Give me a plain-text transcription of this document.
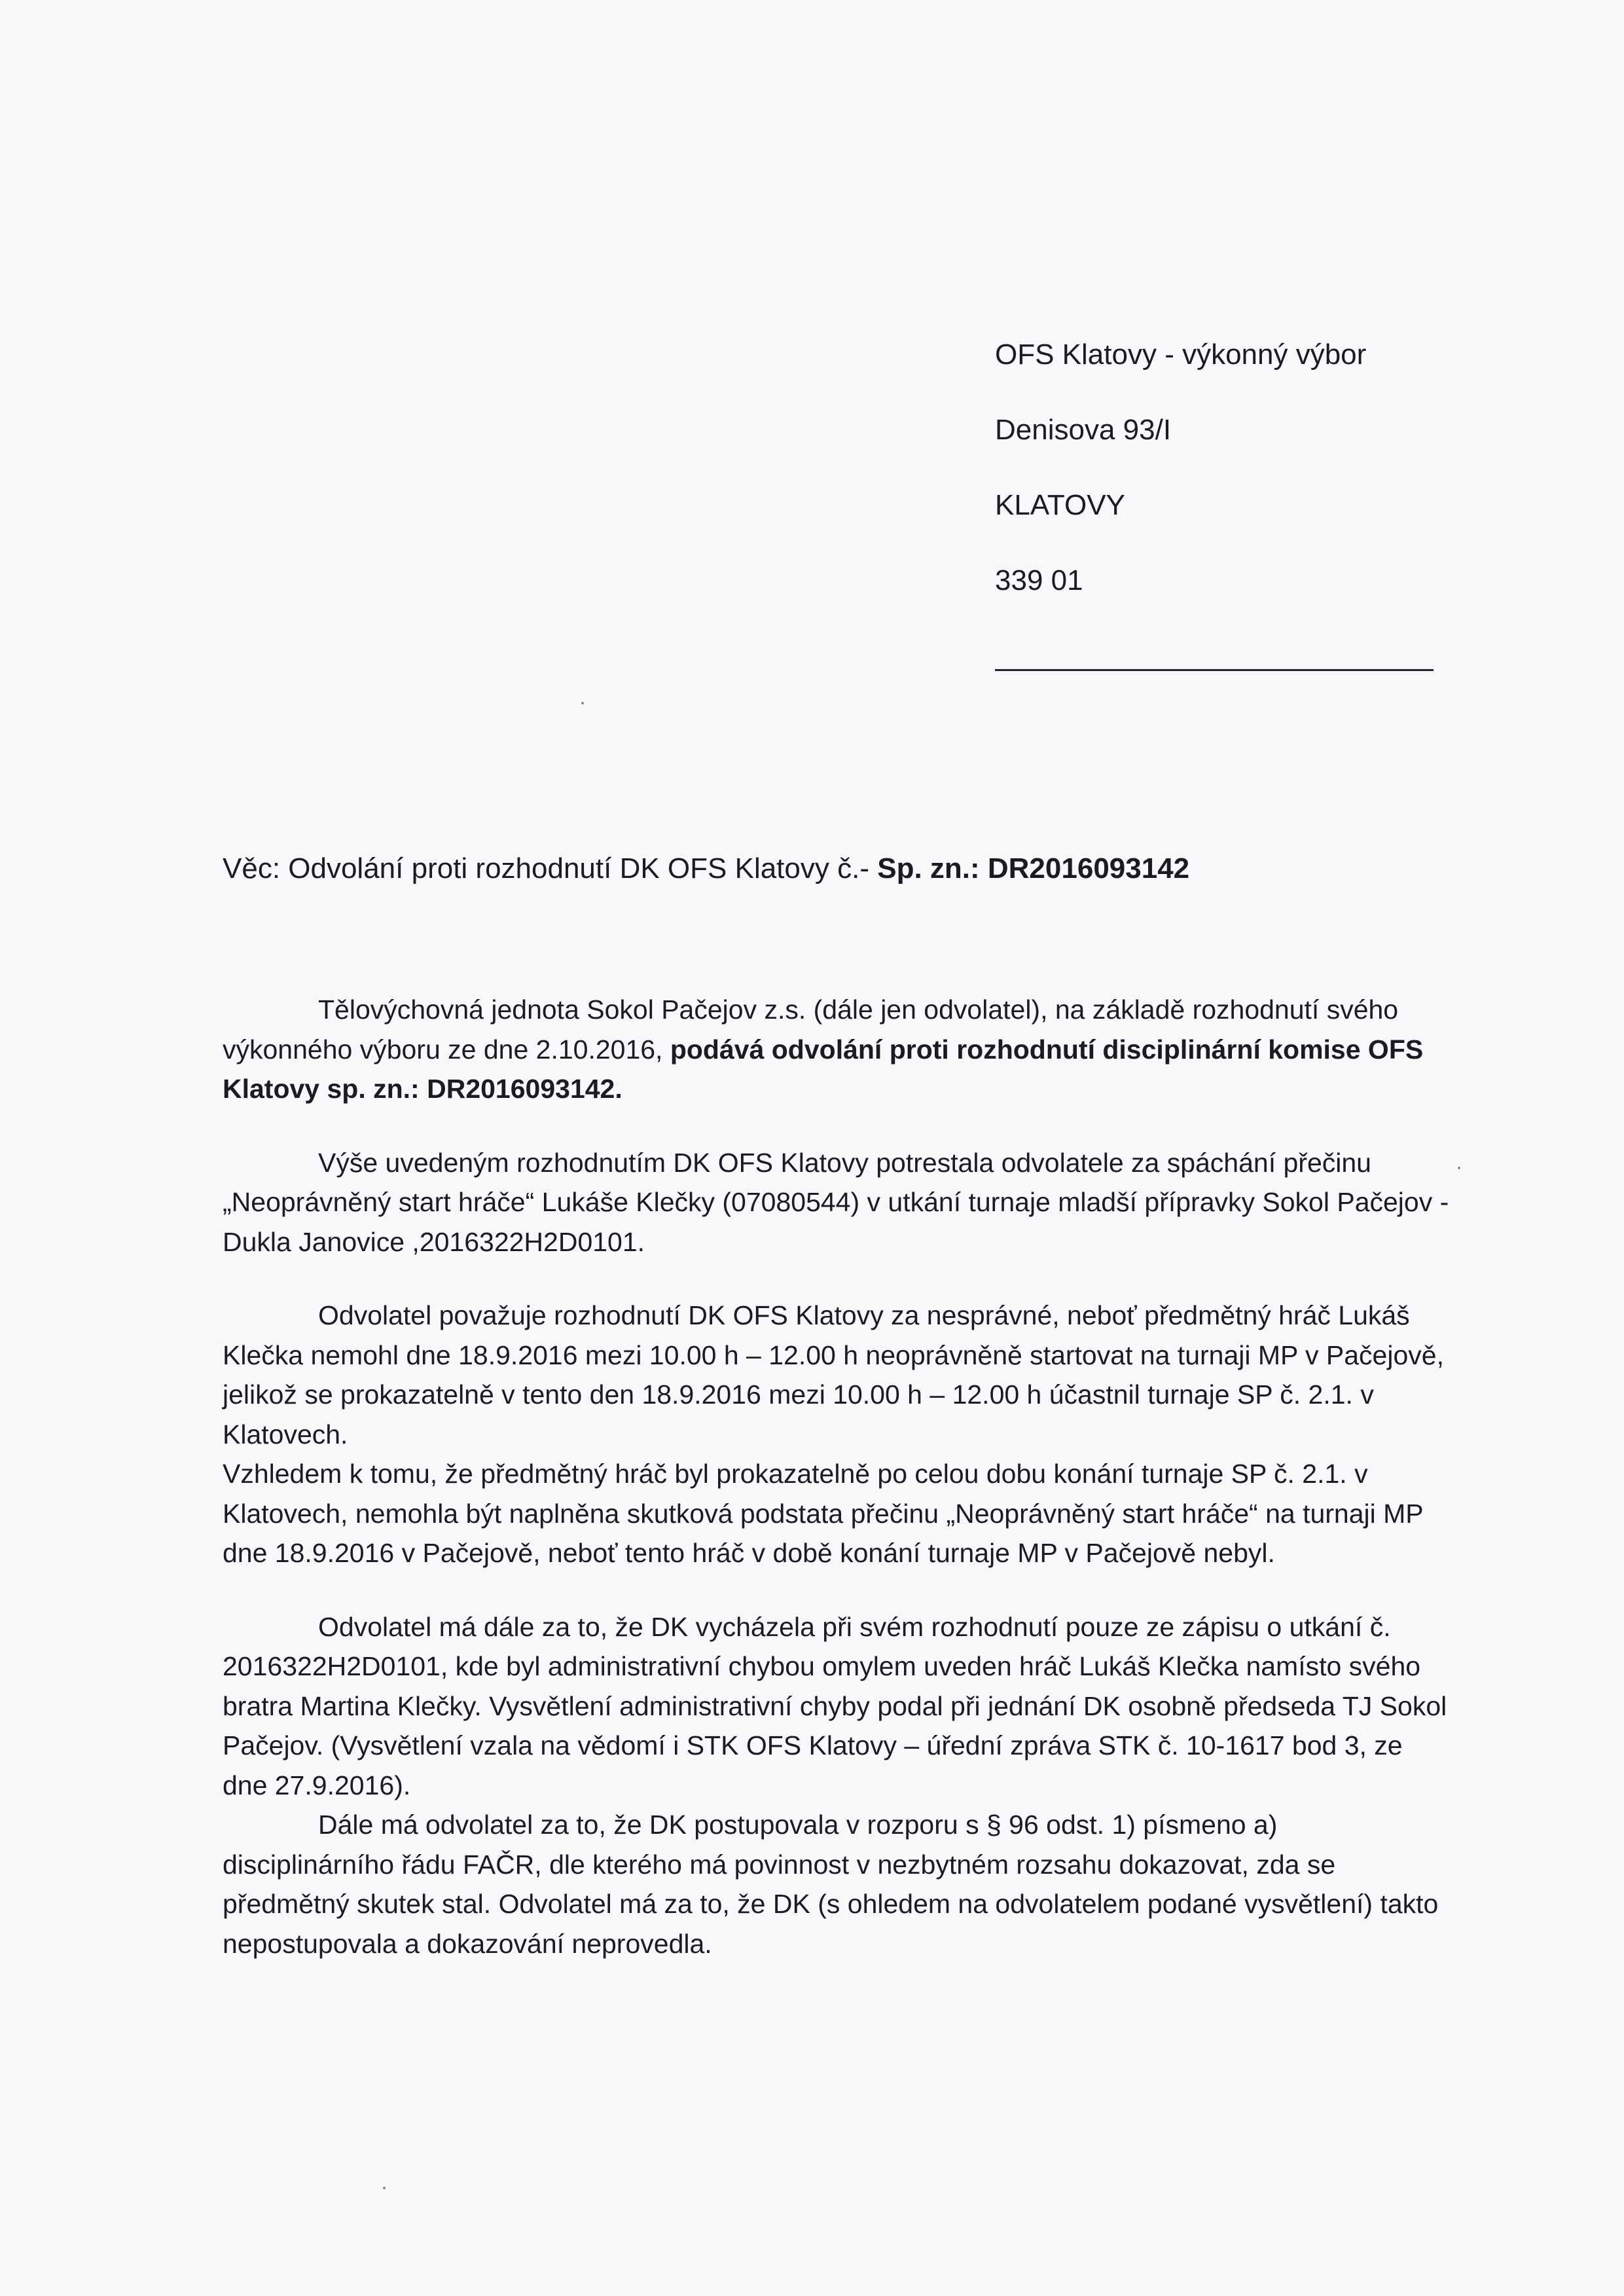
OFS Klatovy - výkonný výbor
Denisova 93/I
KLATOVY
339 01
Věc: Odvolání proti rozhodnutí DK OFS Klatovy č.- Sp. zn.: DR2016093142

Tělovýchovná jednota Sokol Pačejov z.s. (dále jen odvolatel), na základě rozhodnutí svého výkonného výboru ze dne 2.10.2016, podává odvolání proti rozhodnutí disciplinární komise OFS Klatovy sp. zn.: DR2016093142.

Výše uvedeným rozhodnutím DK OFS Klatovy potrestala odvolatele za spáchání přečinu „Neoprávněný start hráče“ Lukáše Klečky (07080544) v utkání turnaje mladší přípravky Sokol Pačejov - Dukla Janovice ,2016322H2D0101.

Odvolatel považuje rozhodnutí DK OFS Klatovy za nesprávné, neboť předmětný hráč Lukáš Klečka nemohl dne 18.9.2016 mezi 10.00 h – 12.00 h neoprávněně startovat na turnaji MP v Pačejově, jelikož se prokazatelně v tento den 18.9.2016 mezi 10.00 h – 12.00 h účastnil turnaje SP č. 2.1. v Klatovech.

Vzhledem k tomu, že předmětný hráč byl prokazatelně po celou dobu konání turnaje SP č. 2.1. v Klatovech, nemohla být naplněna skutková podstata přečinu „Neoprávněný start hráče“ na turnaji MP dne 18.9.2016 v Pačejově, neboť tento hráč v době konání turnaje MP v Pačejově nebyl.

Odvolatel má dále za to, že DK vycházela při svém rozhodnutí pouze ze zápisu o utkání č. 2016322H2D0101, kde byl administrativní chybou omylem uveden hráč Lukáš Klečka namísto svého bratra Martina Klečky. Vysvětlení administrativní chyby podal při jednání DK osobně předseda TJ Sokol Pačejov. (Vysvětlení vzala na vědomí i STK OFS Klatovy – úřední zpráva STK č. 10-1617 bod 3, ze dne 27.9.2016).

Dále má odvolatel za to, že DK postupovala v rozporu s § 96 odst. 1) písmeno a) disciplinárního řádu FAČR, dle kterého má povinnost v nezbytném rozsahu dokazovat, zda se předmětný skutek stal. Odvolatel má za to, že DK (s ohledem na odvolatelem podané vysvětlení) takto nepostupovala a dokazování neprovedla.
